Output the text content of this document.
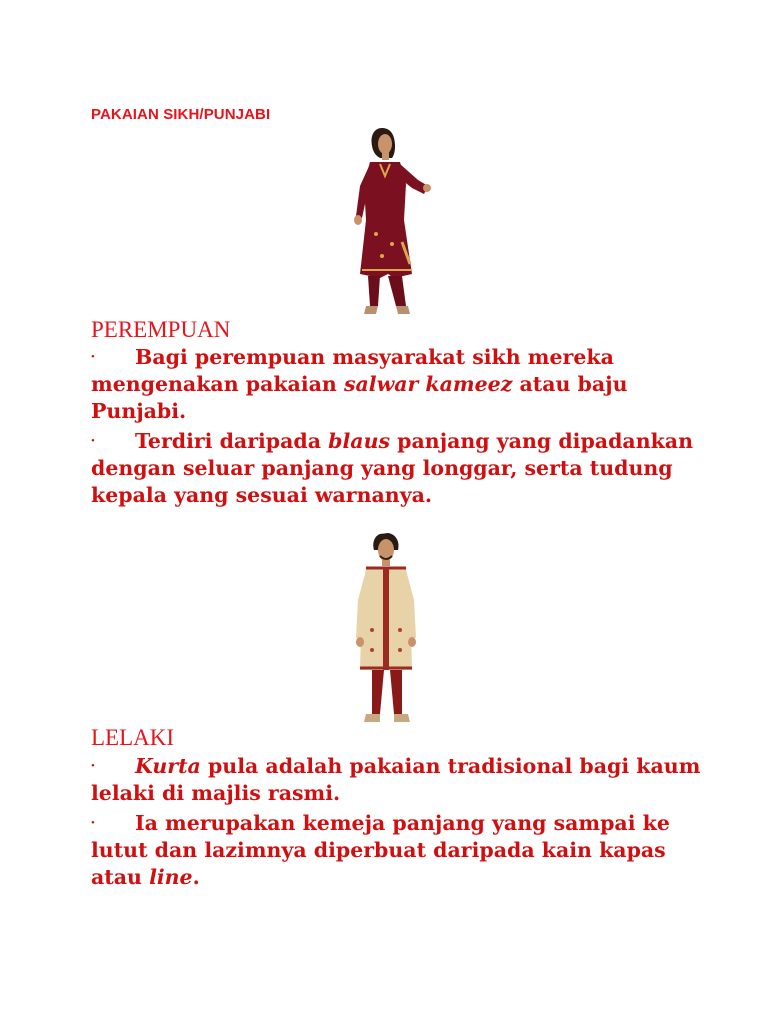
PAKAIAN SIKH/PUNJABI
PEREMPUAN
• Bagi perempuan masyarakat sikh mereka mengenakan pakaian salwar kameez atau baju Punjabi.
• Terdiri daripada blaus panjang yang dipadankan dengan seluar panjang yang longgar, serta tudung kepala yang sesuai warnanya.
LELAKI
• Kurta pula adalah pakaian tradisional bagi kaum lelaki di majlis rasmi.
• Ia merupakan kemeja panjang yang sampai ke lutut dan lazimnya diperbuat daripada kain kapas atau line.
